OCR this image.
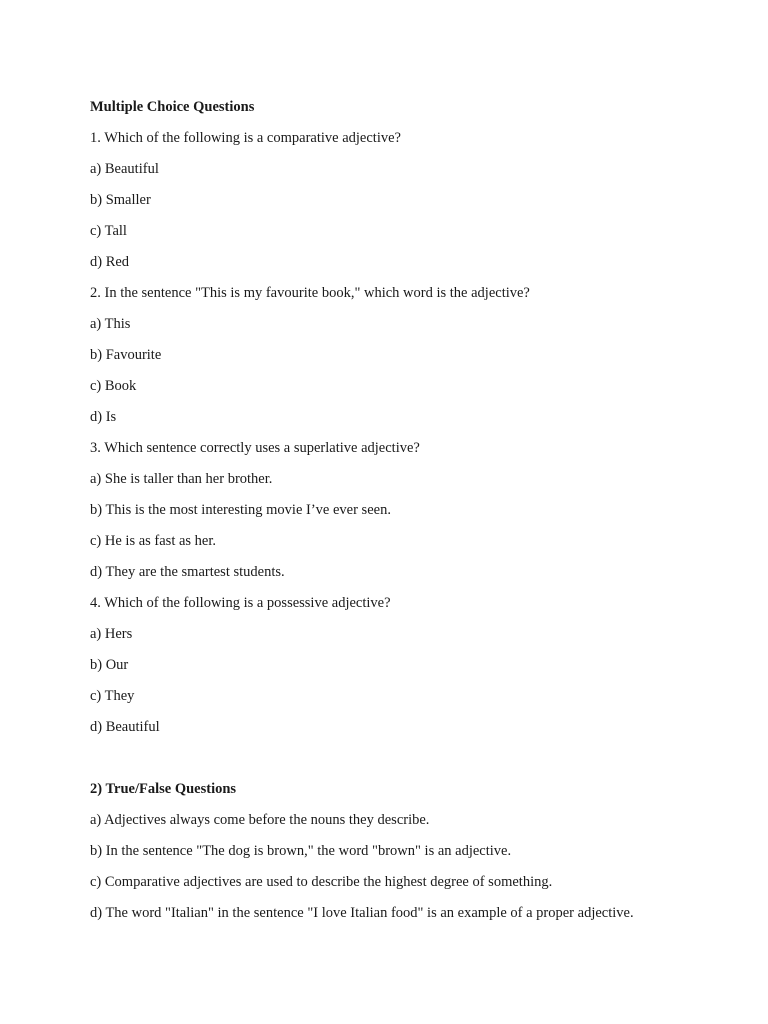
Multiple Choice Questions
1. Which of the following is a comparative adjective?
a) Beautiful
b) Smaller
c) Tall
d) Red
2. In the sentence "This is my favourite book," which word is the adjective?
a) This
b) Favourite
c) Book
d) Is
3. Which sentence correctly uses a superlative adjective?
a) She is taller than her brother.
b) This is the most interesting movie I’ve ever seen.
c) He is as fast as her.
d) They are the smartest students.
4. Which of the following is a possessive adjective?
a) Hers
b) Our
c) They
d) Beautiful
2) True/False Questions
a) Adjectives always come before the nouns they describe.
b) In the sentence "The dog is brown," the word "brown" is an adjective.
c) Comparative adjectives are used to describe the highest degree of something.
d) The word "Italian" in the sentence "I love Italian food" is an example of a proper adjective.
